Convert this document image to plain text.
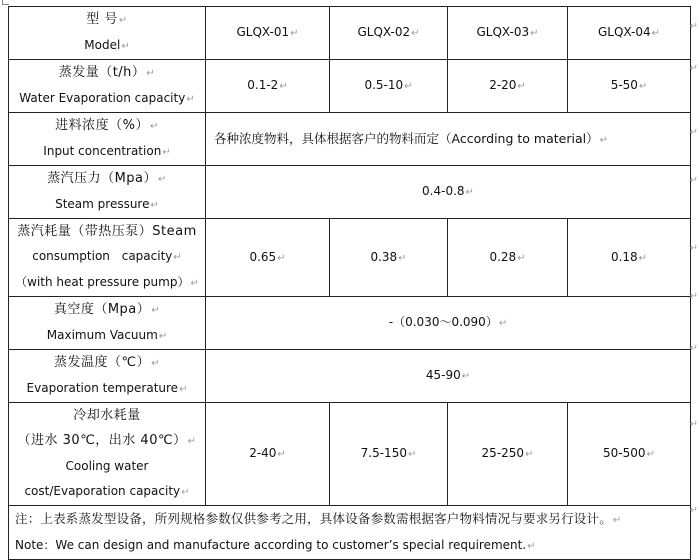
型 号↵
Model↵	GLQX-01↵	GLQX-02↵	GLQX-03↵	GLQX-04↵

蒸发量（t/h）↵
Water Evaporation capacity↵	0.1-2↵	0.5-10↵	2-20↵	5-50↵

进料浓度（%）↵
Input concentration↵	各种浓度物料，具体根据客户的物料而定（According to material）↵			

蒸汽压力（Mpa）↵
Steam pressure↵	0.4-0.8↵			

蒸汽耗量（带热压泵）Steam
consumption capacity↵
（with heat pressure pump）↵	0.65↵	0.38↵	0.28↵	0.18↵

真空度（Mpa）↵
Maximum Vacuum↵	-（0.030～0.090）↵			

蒸发温度（℃）↵
Evaporation temperature↵	45-90↵			

冷却水耗量
（进水 30℃，出水 40℃）↵
Cooling water
cost/Evaporation capacity↵	2-40↵	7.5-150↵	25-250↵	50-500↵

注：上表系蒸发型设备，所列规格参数仅供参考之用，具体设备参数需根据客户物料情况与要求另行设计。↵
Note：We can design and manufacture according to customer’s special requirement.↵				
↵
↵
↵
↵
↵
↵
↵
↵
↵
